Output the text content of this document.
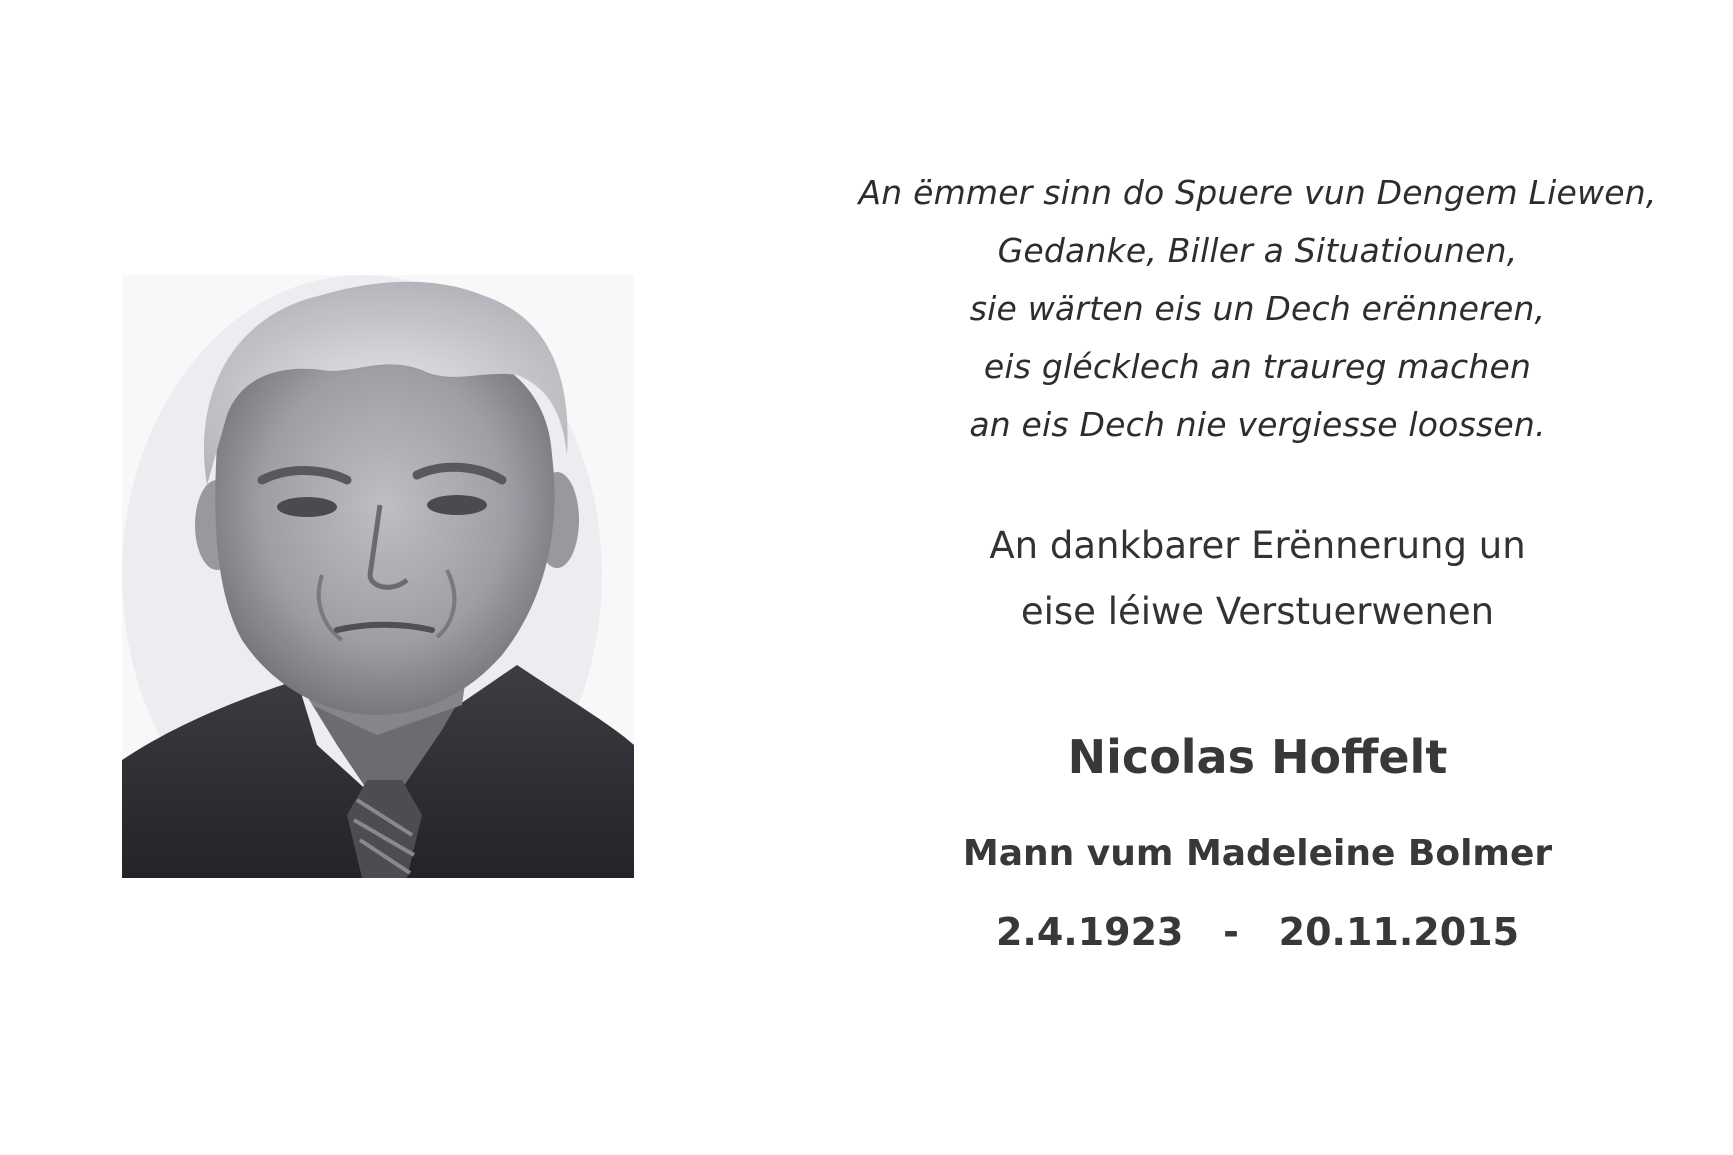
An ëmmer sinn do Spuere vun Dengem Liewen,
Gedanke, Biller a Situatiounen,
sie wärten eis un Dech erënneren,
eis glécklech an traureg machen
an eis Dech nie vergiesse loossen.
An dankbarer Erënnerung un
eise léiwe Verstuerwenen
Nicolas Hoffelt
Mann vum Madeleine Bolmer
2.4.1923 - 20.11.2015
